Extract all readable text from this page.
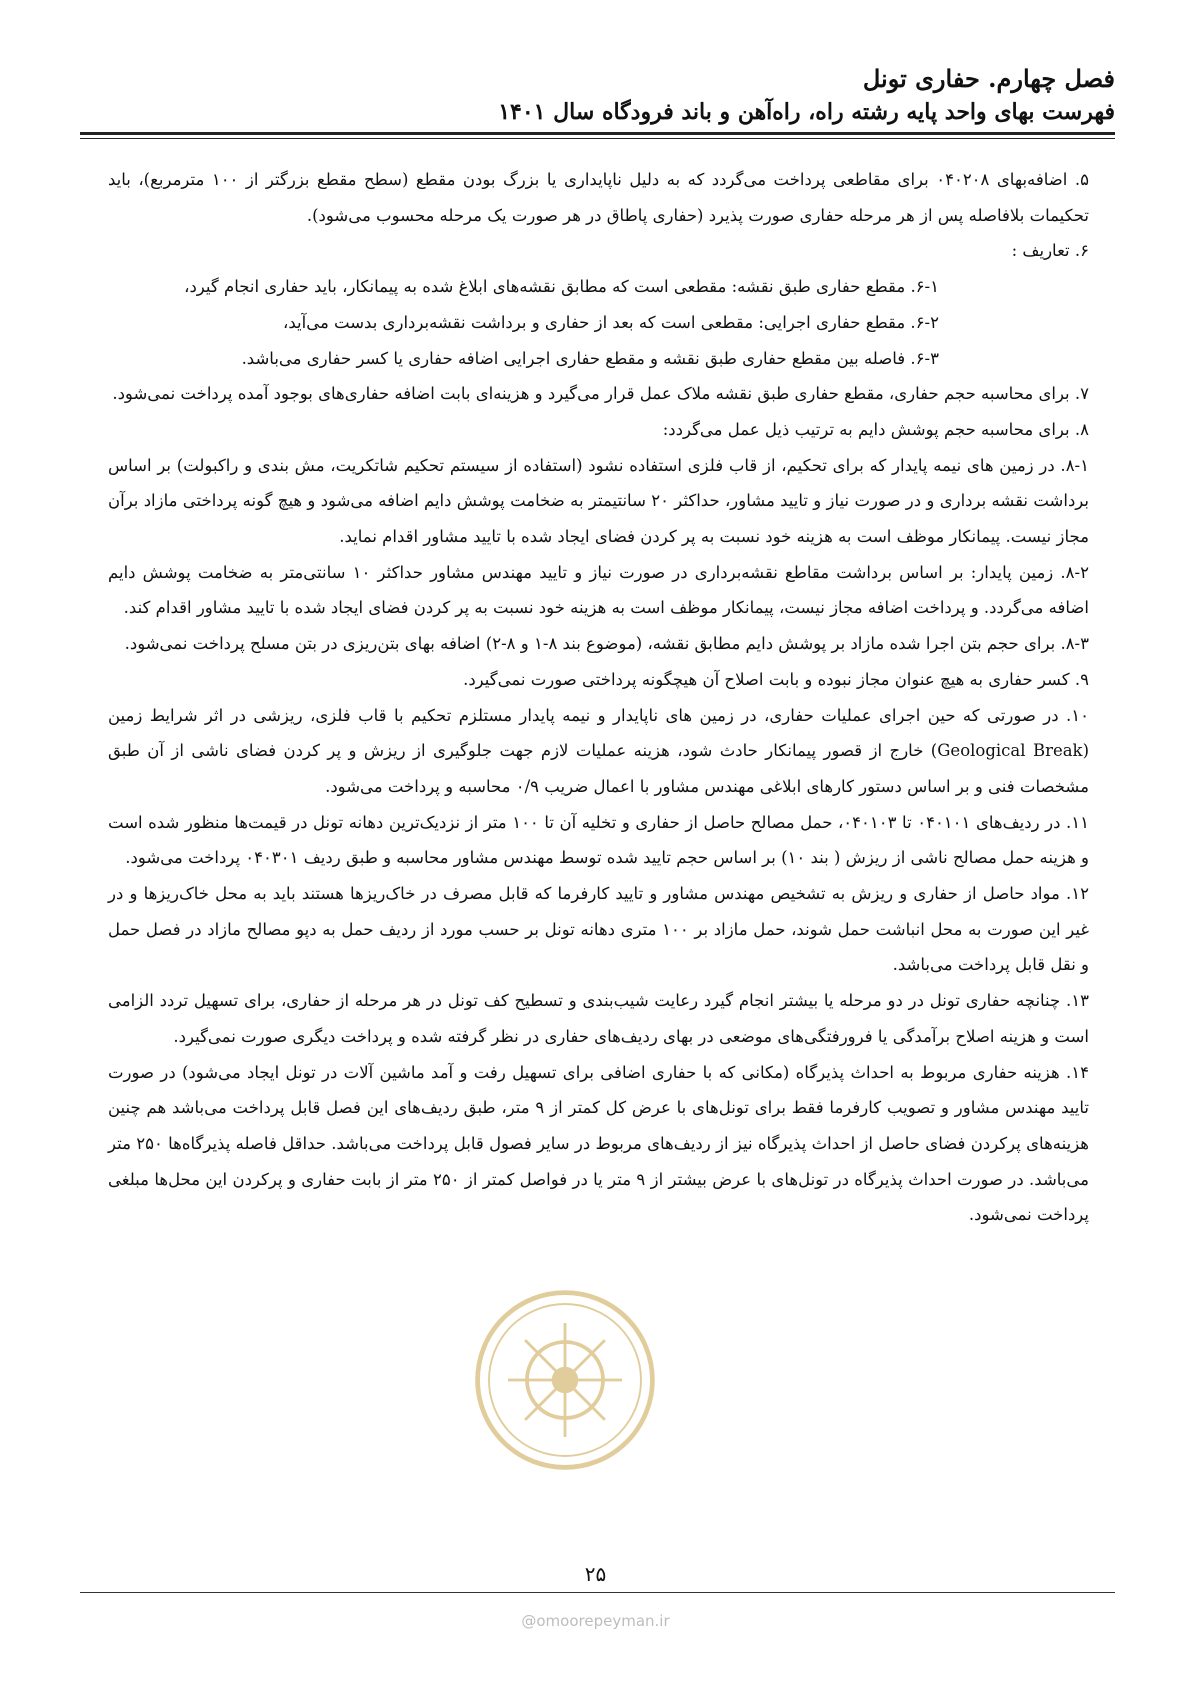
فصل چهارم. حفاری تونل
فهرست بهای واحد پایه رشته راه، راه‌آهن و باند فرودگاه سال ۱۴۰۱

۵. اضافه‌بهای ۰۴۰۲۰۸ برای مقاطعی پرداخت می‌گردد که به دلیل ناپایداری یا بزرگ بودن مقطع (سطح مقطع بزرگتر از ۱۰۰ مترمربع)، باید تحکیمات بلافاصله پس از هر مرحله حفاری صورت پذیرد (حفاری پاطاق در هر صورت یک مرحله محسوب می‌شود).

۶. تعاریف :

۶-۱. مقطع حفاری طبق نقشه: مقطعی است که مطابق نقشه‌های ابلاغ شده به پیمانکار، باید حفاری انجام گیرد،

۶-۲. مقطع حفاری اجرایی: مقطعی است که بعد از حفاری و برداشت نقشه‌برداری بدست می‌آید،

۶-۳. فاصله بین مقطع حفاری طبق نقشه و مقطع حفاری اجرایی اضافه حفاری یا کسر حفاری می‌باشد.

۷. برای محاسبه حجم حفاری، مقطع حفاری طبق نقشه ملاک عمل قرار می‌گیرد و هزینه‌ای بابت اضافه حفاری‌های بوجود آمده پرداخت نمی‌شود.

۸. برای محاسبه حجم پوشش دایم به ترتیب ذیل عمل می‌گردد:

۸-۱. در زمین های نیمه پایدار که برای تحکیم، از قاب فلزی استفاده نشود (استفاده از سیستم تحکیم شاتکریت، مش بندی و راکبولت) بر اساس برداشت نقشه برداری و در صورت نیاز و تایید مشاور، حداکثر ۲۰ سانتیمتر به ضخامت پوشش دایم اضافه می‌شود و هیچ گونه پرداختی مازاد برآن مجاز نیست. پیمانکار موظف است به هزینه خود نسبت به پر کردن فضای ایجاد شده با تایید مشاور اقدام نماید.

۸-۲. زمین پایدار: بر اساس برداشت مقاطع نقشه‌برداری در صورت نیاز و تایید مهندس مشاور حداکثر ۱۰ سانتی‌متر به ضخامت پوشش دایم اضافه می‌گردد. و پرداخت اضافه مجاز نیست، پیمانکار موظف است به هزینه خود نسبت به پر کردن فضای ایجاد شده با تایید مشاور اقدام کند.

۸-۳. برای حجم بتن اجرا شده مازاد بر پوشش دایم مطابق نقشه، (موضوع بند ۸-۱ و ۸-۲) اضافه بهای بتن‌ریزی در بتن مسلح پرداخت نمی‌شود.

۹. کسر حفاری به هیچ عنوان مجاز نبوده و بابت اصلاح آن هیچگونه پرداختی صورت نمی‌گیرد.

۱۰. در صورتی که حین اجرای عملیات حفاری، در زمین های ناپایدار و نیمه پایدار مستلزم تحکیم با قاب فلزی، ریزشی در اثر شرایط زمین (Geological Break) خارج از قصور پیمانکار حادث شود، هزینه عملیات لازم جهت جلوگیری از ریزش و پر کردن فضای ناشی از آن طبق مشخصات فنی و بر اساس دستور کارهای ابلاغی مهندس مشاور با اعمال ضریب ۰/۹ محاسبه و پرداخت می‌شود.

۱۱. در ردیف‌های ۰۴۰۱۰۱ تا ۰۴۰۱۰۳، حمل مصالح حاصل از حفاری و تخلیه آن تا ۱۰۰ متر از نزدیک‌ترین دهانه تونل در قیمت‌ها منظور شده است و هزینه حمل مصالح ناشی از ریزش ( بند ۱۰) بر اساس حجم تایید شده توسط مهندس مشاور محاسبه و طبق ردیف ۰۴۰۳۰۱ پرداخت می‌شود.

۱۲. مواد حاصل از حفاری و ریزش به تشخیص مهندس مشاور و تایید کارفرما که قابل مصرف در خاک‌ریزها هستند باید به محل خاک‌ریزها و در غیر این صورت به محل انباشت حمل شوند، حمل مازاد بر ۱۰۰ متری دهانه تونل بر حسب مورد از ردیف حمل به دپو مصالح مازاد در فصل حمل و نقل قابل پرداخت می‌باشد.

۱۳. چنانچه حفاری تونل در دو مرحله یا بیشتر انجام گیرد رعایت شیب‌بندی و تسطیح کف تونل در هر مرحله از حفاری، برای تسهیل تردد الزامی است و هزینه اصلاح برآمدگی یا فرورفتگی‌های موضعی در بهای ردیف‌های حفاری در نظر گرفته شده و پرداخت دیگری صورت نمی‌گیرد.

۱۴. هزینه حفاری مربوط به احداث پذیرگاه (مکانی که با حفاری اضافی برای تسهیل رفت و آمد ماشین آلات در تونل ایجاد می‌شود) در صورت تایید مهندس مشاور و تصویب کارفرما فقط برای تونل‌های با عرض کل کمتر از ۹ متر، طبق ردیف‌های این فصل قابل پرداخت می‌باشد هم چنین هزینه‌های پرکردن فضای حاصل از احداث پذیرگاه نیز از ردیف‌های مربوط در سایر فصول قابل پرداخت می‌باشد. حداقل فاصله پذیرگاه‌ها ۲۵۰ متر می‌باشد. در صورت احداث پذیرگاه در تونل‌های با عرض بیشتر از ۹ متر یا در فواصل کمتر از ۲۵۰ متر از بابت حفاری و پرکردن این محل‌ها مبلغی پرداخت نمی‌شود.

۲۵
@omoorepeyman.ir
